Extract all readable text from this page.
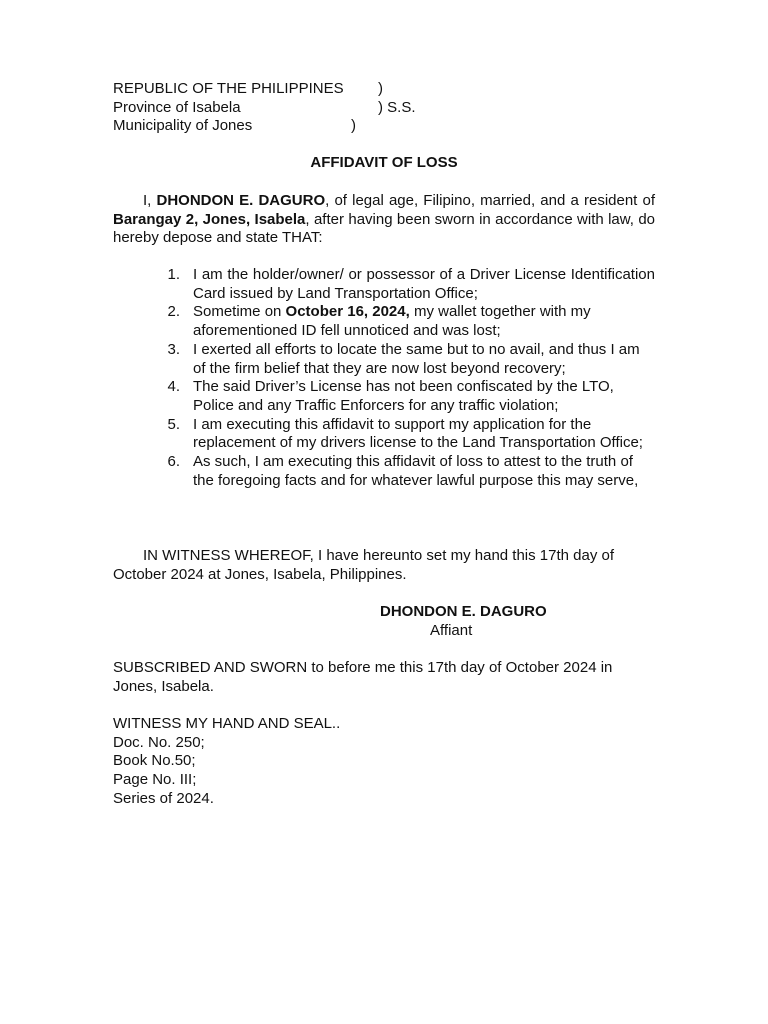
REPUBLIC OF THE PHILIPPINES )
Province of Isabela	) S.S.
Municipality of Jones	)
AFFIDAVIT OF LOSS
I, DHONDON E. DAGURO, of legal age, Filipino, married, and a resident of Barangay 2, Jones, Isabela, after having been sworn in accordance with law, do hereby depose and state THAT:
1. I am the holder/owner/ or possessor of a Driver License Identification Card issued by Land Transportation Office;
2. Sometime on October 16, 2024, my wallet together with my aforementioned ID fell unnoticed and was lost;
3. I exerted all efforts to locate the same but to no avail, and thus I am of the firm belief that they are now lost beyond recovery;
4. The said Driver’s License has not been confiscated by the LTO, Police and any Traffic Enforcers for any traffic violation;
5. I am executing this affidavit to support my application for the replacement of my drivers license to the Land Transportation Office;
6. As such, I am executing this affidavit of loss to attest to the truth of the foregoing facts and for whatever lawful purpose this may serve,
IN WITNESS WHEREOF, I have hereunto set my hand this 17th day of October 2024 at Jones, Isabela, Philippines.
DHONDON E. DAGURO
Affiant
SUBSCRIBED AND SWORN to before me this 17th day of October 2024 in Jones, Isabela.
WITNESS MY HAND AND SEAL..
Doc. No. 250;
Book No.50;
Page No. III;
Series of 2024.
